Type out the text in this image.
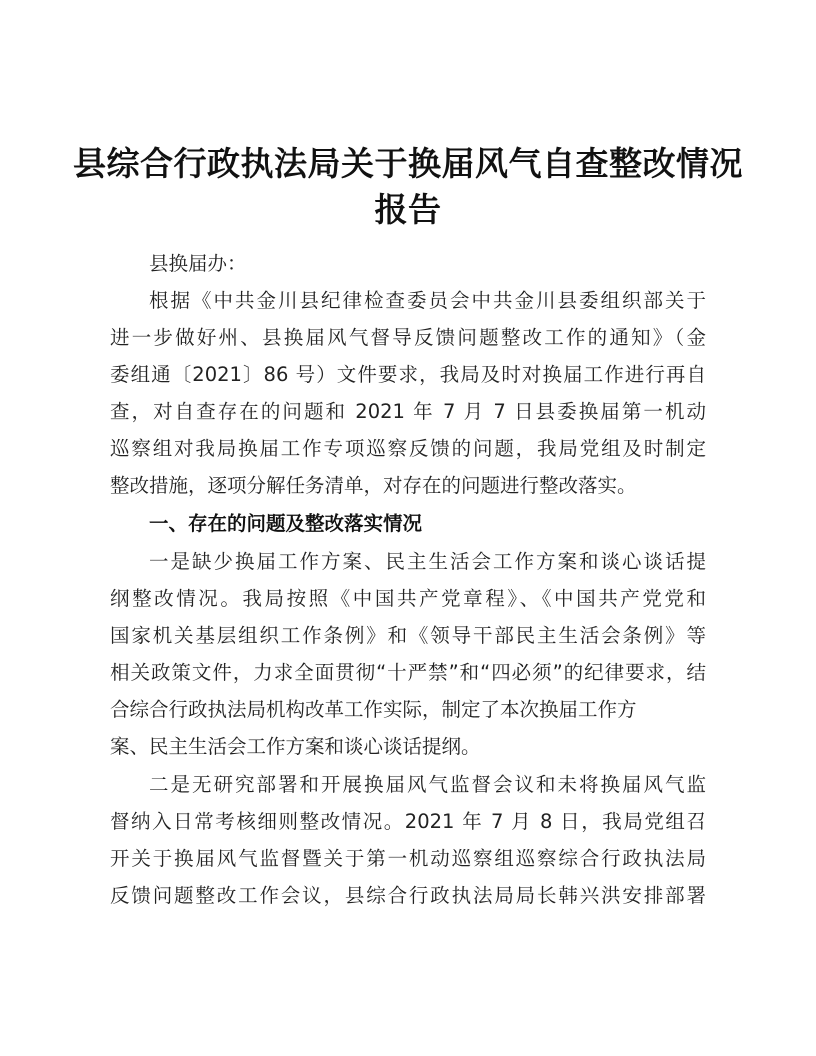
县综合行政执法局关于换届风气自查整改情况
报告
县换届办：
根据《中共金川县纪律检查委员会中共金川县委组织部关于
进一步做好州、县换届风气督导反馈问题整改工作的通知》（金
委组通〔2021〕86 号）文件要求，我局及时对换届工作进行再自
查，对自查存在的问题和 2021 年 7 月 7 日县委换届第一机动
巡察组对我局换届工作专项巡察反馈的问题，我局党组及时制定
整改措施，逐项分解任务清单，对存在的问题进行整改落实。
一、存在的问题及整改落实情况
一是缺少换届工作方案、民主生活会工作方案和谈心谈话提
纲整改情况。我局按照《中国共产党章程》、《中国共产党党和
国家机关基层组织工作条例》和《领导干部民主生活会条例》等
相关政策文件，力求全面贯彻“十严禁”和“四必须”的纪律要求，结
合综合行政执法局机构改革工作实际，制定了本次换届工作方
案、民主生活会工作方案和谈心谈话提纲。
二是无研究部署和开展换届风气监督会议和未将换届风气监
督纳入日常考核细则整改情况。2021 年 7 月 8 日，我局党组召
开关于换届风气监督暨关于第一机动巡察组巡察综合行政执法局
反馈问题整改工作会议，县综合行政执法局局长韩兴洪安排部署
